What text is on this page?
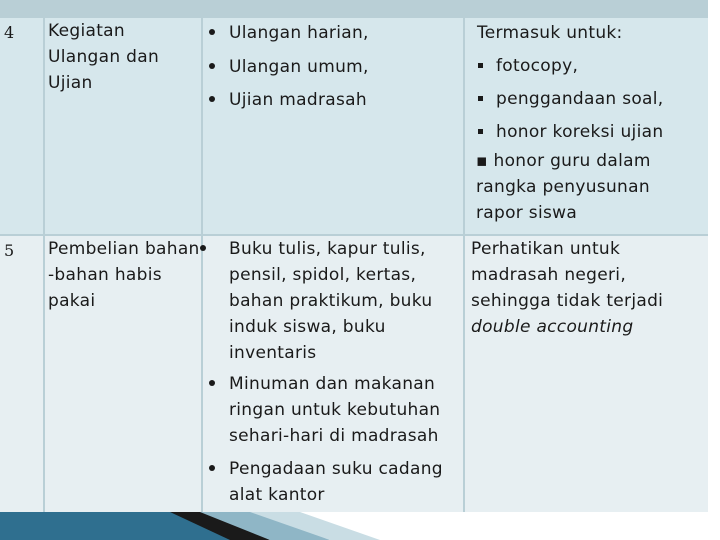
4 Kegiatan
Ulangan dan
Ujian
Ulangan harian,
Ulangan umum,
Ujian madrasah
Termasuk untuk:
fotocopy,
penggandaan soal,
honor koreksi ujian
▪ honor guru dalam
rangka penyusunan
rapor siswa
5 Pembelian bahan
-bahan habis
pakai
Buku tulis, kapur tulis,
pensil, spidol, kertas,
bahan praktikum, buku
induk siswa, buku
inventaris
Minuman dan makanan
ringan untuk kebutuhan
sehari-hari di madrasah
Pengadaan suku cadang
alat kantor
Perhatikan untuk
madrasah negeri,
sehingga tidak terjadi
double accounting
